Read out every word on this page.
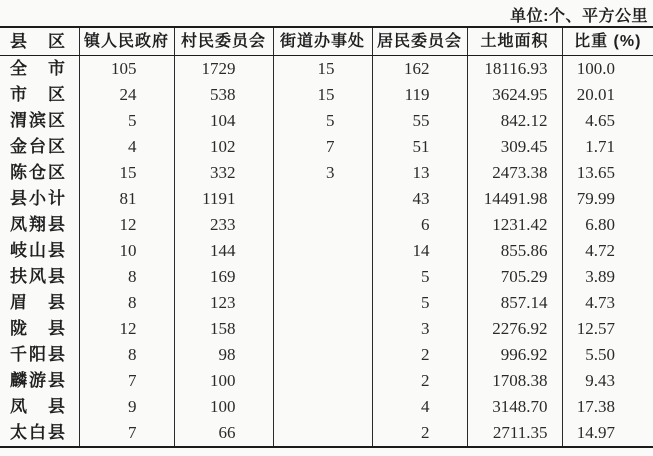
单位:个、平方公里
县　区	镇人民政府	村民委员会	街道办事处	居民委员会	土地面积	比重 (%)
全　市	105	1729	15	162	18116.93	100.0
市　区	24	538	15	119	3624.95	20.01
渭滨区	5	104	5	55	842.12	4.65
金台区	4	102	7	51	309.45	1.71
陈仓区	15	332	3	13	2473.38	13.65
县小计	81	1191		43	14491.98	79.99
凤翔县	12	233		6	1231.42	6.80
岐山县	10	144		14	855.86	4.72
扶风县	8	169		5	705.29	3.89
眉　县	8	123		5	857.14	4.73
陇　县	12	158		3	2276.92	12.57
千阳县	8	98		2	996.92	5.50
麟游县	7	100		2	1708.38	9.43
凤　县	9	100		4	3148.70	17.38
太白县	7	66		2	2711.35	14.97
